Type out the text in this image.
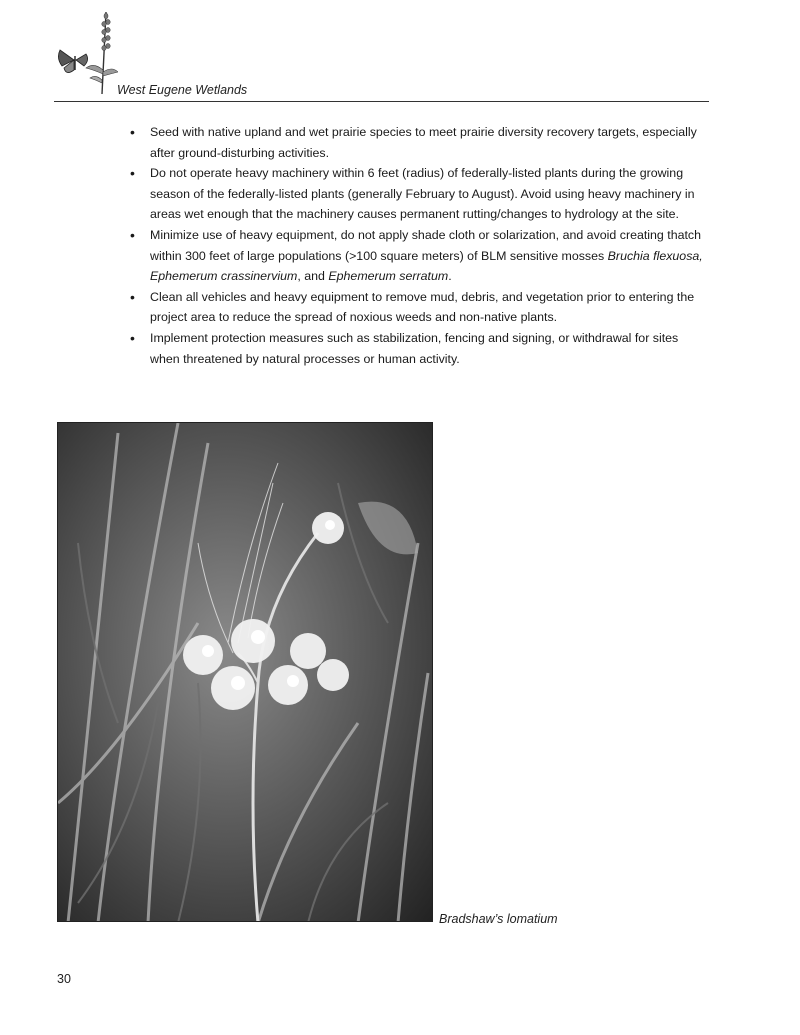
West Eugene Wetlands
• Seed with native upland and wet prairie species to meet prairie diversity recovery targets, especially after ground-disturbing activities.
• Do not operate heavy machinery within 6 feet (radius) of federally-listed plants during the growing season of the federally-listed plants (generally February to August). Avoid using heavy machinery in areas wet enough that the machinery causes permanent rutting/changes to hydrology at the site.
• Minimize use of heavy equipment, do not apply shade cloth or solarization, and avoid creating thatch within 300 feet of large populations (>100 square meters) of BLM sensitive mosses Bruchia flexuosa, Ephemerum crassinervium, and Ephemerum serratum.
• Clean all vehicles and heavy equipment to remove mud, debris, and vegetation prior to entering the project area to reduce the spread of noxious weeds and non-native plants.
• Implement protection measures such as stabilization, fencing and signing, or withdrawal for sites when threatened by natural processes or human activity.
Bradshaw’s lomatium
30
